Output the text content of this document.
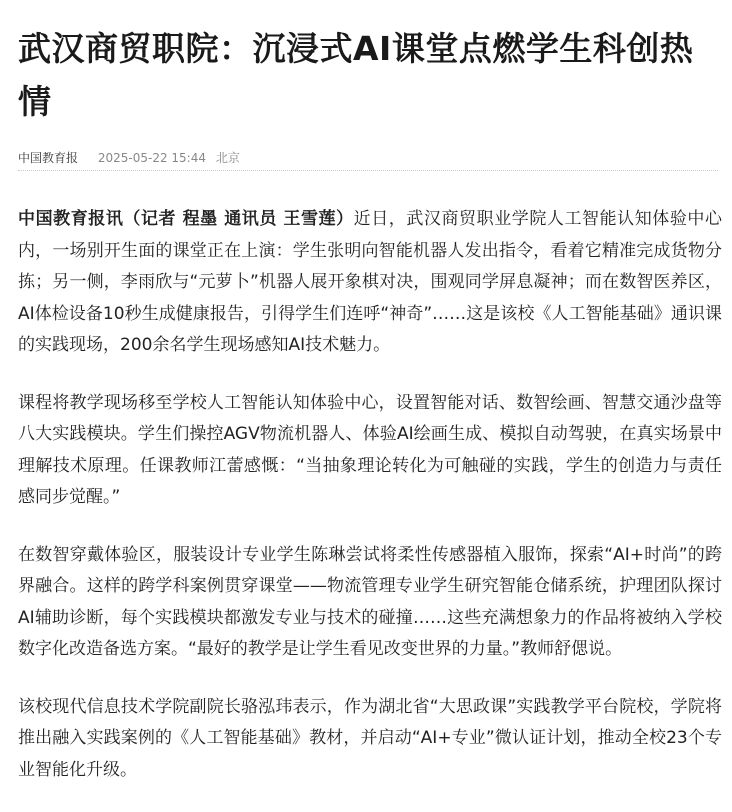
武汉商贸职院：沉浸式AI课堂点燃学生科创热情
中国教育报 2025-05-22 15:44 北京

中国教育报讯（记者 程墨 通讯员 王雪莲）近日，武汉商贸职业学院人工智能认知体验中心内，一场别开生面的课堂正在上演：学生张明向智能机器人发出指令，看着它精准完成货物分拣；另一侧，李雨欣与“元萝卜”机器人展开象棋对决，围观同学屏息凝神；而在数智医养区，AI体检设备10秒生成健康报告，引得学生们连呼“神奇”……这是该校《人工智能基础》通识课的实践现场，200余名学生现场感知AI技术魅力。

课程将教学现场移至学校人工智能认知体验中心，设置智能对话、数智绘画、智慧交通沙盘等八大实践模块。学生们操控AGV物流机器人、体验AI绘画生成、模拟自动驾驶，在真实场景中理解技术原理。任课教师江蕾感慨：“当抽象理论转化为可触碰的实践，学生的创造力与责任感同步觉醒。”

在数智穿戴体验区，服装设计专业学生陈琳尝试将柔性传感器植入服饰，探索“AI+时尚”的跨界融合。这样的跨学科案例贯穿课堂——物流管理专业学生研究智能仓储系统，护理团队探讨AI辅助诊断，每个实践模块都激发专业与技术的碰撞……这些充满想象力的作品将被纳入学校数字化改造备选方案。“最好的教学是让学生看见改变世界的力量。”教师舒偲说。

该校现代信息技术学院副院长骆泓玮表示，作为湖北省“大思政课”实践教学平台院校，学院将推出融入实践案例的《人工智能基础》教材，并启动“AI+专业”微认证计划，推动全校23个专业智能化升级。
